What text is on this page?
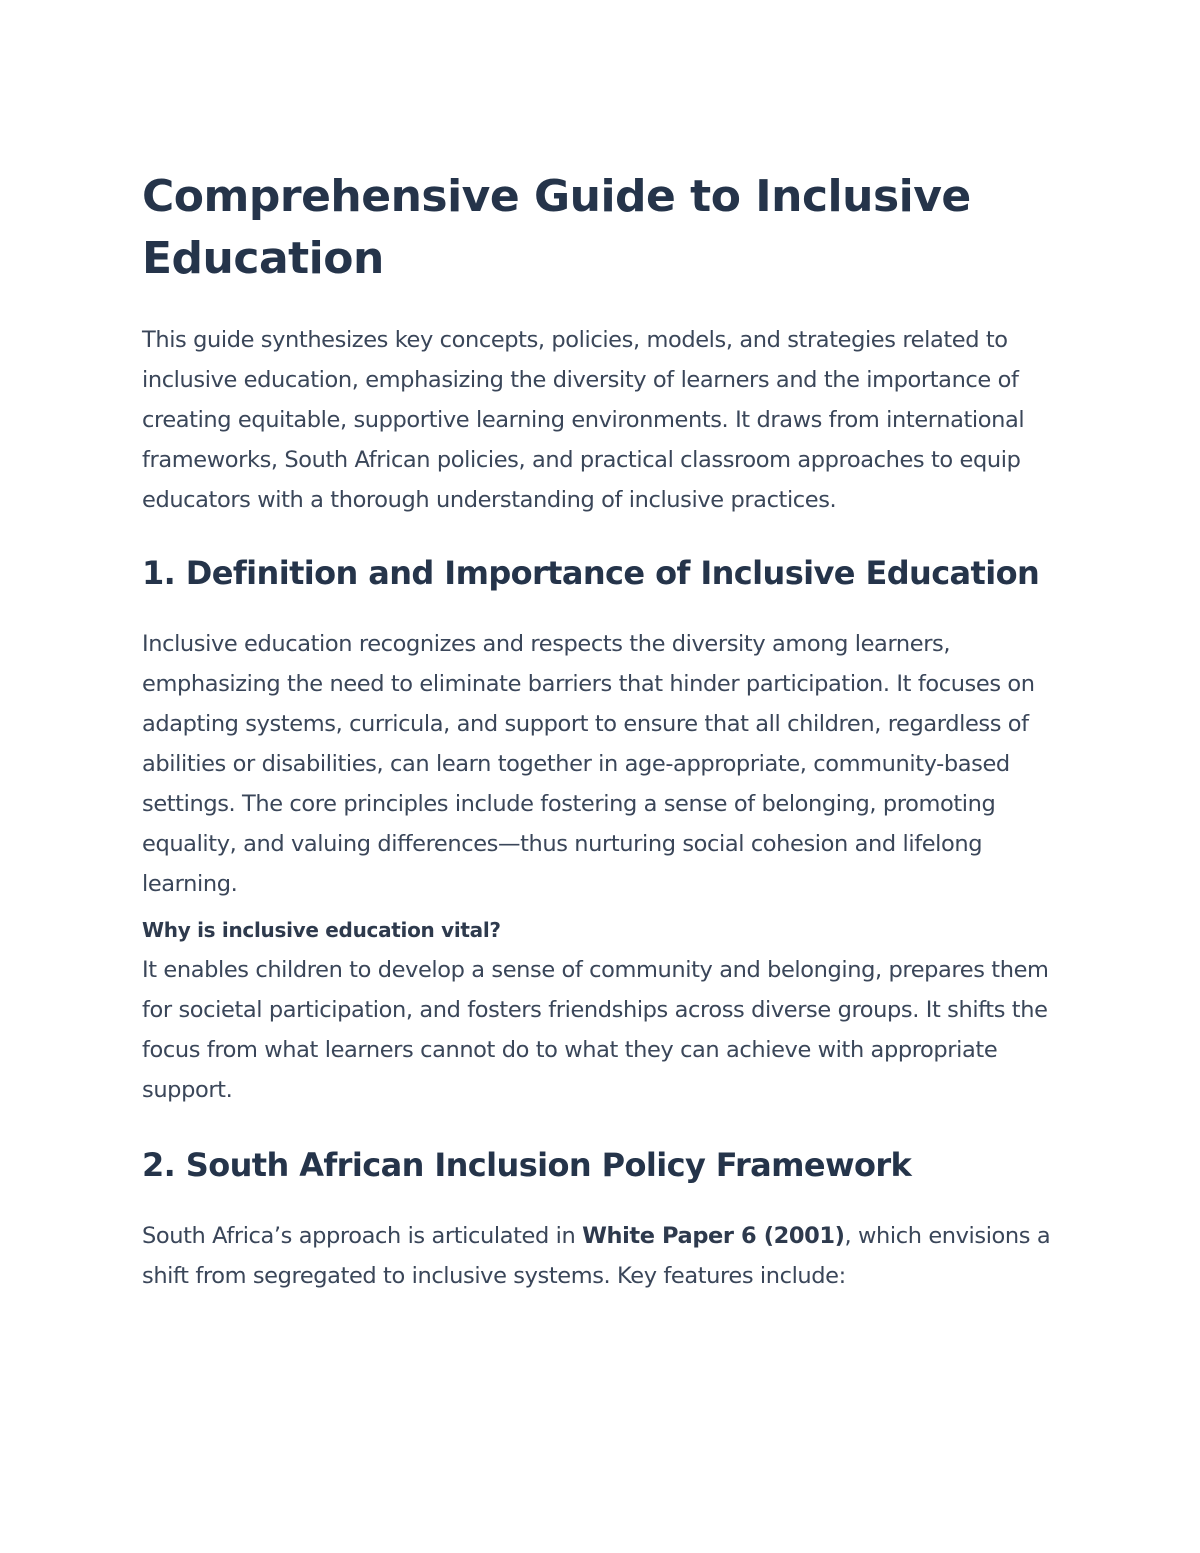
Comprehensive Guide to Inclusive Education

This guide synthesizes key concepts, policies, models, and strategies related to inclusive education, emphasizing the diversity of learners and the importance of creating equitable, supportive learning environments. It draws from international frameworks, South African policies, and practical classroom approaches to equip educators with a thorough understanding of inclusive practices.

1. Definition and Importance of Inclusive Education

Inclusive education recognizes and respects the diversity among learners, emphasizing the need to eliminate barriers that hinder participation. It focuses on adapting systems, curricula, and support to ensure that all children, regardless of abilities or disabilities, can learn together in age-appropriate, community-based settings. The core principles include fostering a sense of belonging, promoting equality, and valuing differences—thus nurturing social cohesion and lifelong learning.

Why is inclusive education vital?

It enables children to develop a sense of community and belonging, prepares them for societal participation, and fosters friendships across diverse groups. It shifts the focus from what learners cannot do to what they can achieve with appropriate support.

2. South African Inclusion Policy Framework

South Africa’s approach is articulated in White Paper 6 (2001), which envisions a shift from segregated to inclusive systems. Key features include:
